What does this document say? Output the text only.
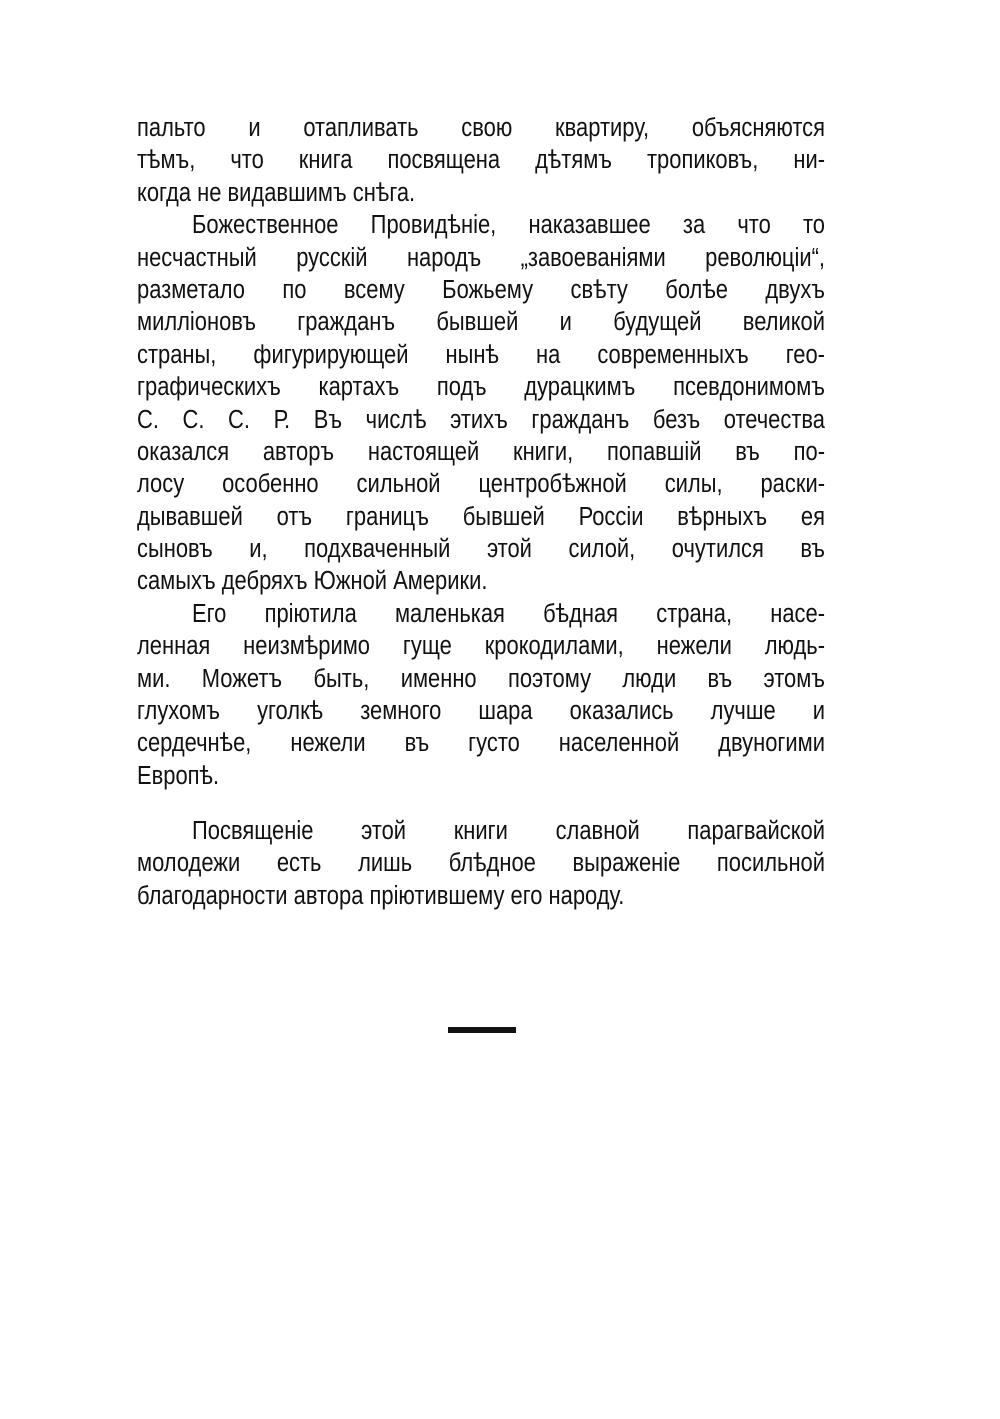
пальто и отапливать свою квартиру, объясняются
тѣмъ, что книга посвящена дѣтямъ тропиковъ, ни-
когда не видавшимъ снѣга.
Божественное Провидѣніе, наказавшее за что то
несчастный русскій народъ „завоеваніями революціи“,
разметало по всему Божьему свѣту болѣе двухъ
милліоновъ гражданъ бывшей и будущей великой
страны, фигурирующей нынѣ на современныхъ гео-
графическихъ картахъ подъ дурацкимъ псевдонимомъ
С. С. С. Р. Въ числѣ этихъ гражданъ безъ отечества
оказался авторъ настоящей книги, попавшій въ по-
лосу особенно сильной центробѣжной силы, раски-
дывавшей отъ границъ бывшей Россіи вѣрныхъ ея
сыновъ и, подхваченный этой силой, очутился въ
самыхъ дебряхъ Южной Америки.
Его пріютила маленькая бѣдная страна, насе-
ленная неизмѣримо гуще крокодилами, нежели людь-
ми. Можетъ быть, именно поэтому люди въ этомъ
глухомъ уголкѣ земного шара оказались лучше и
сердечнѣе, нежели въ густо населенной двуногими
Европѣ.
Посвященіе этой книги славной парагвайской
молодежи есть лишь блѣдное выраженіе посильной
благодарности автора пріютившему его народу.
